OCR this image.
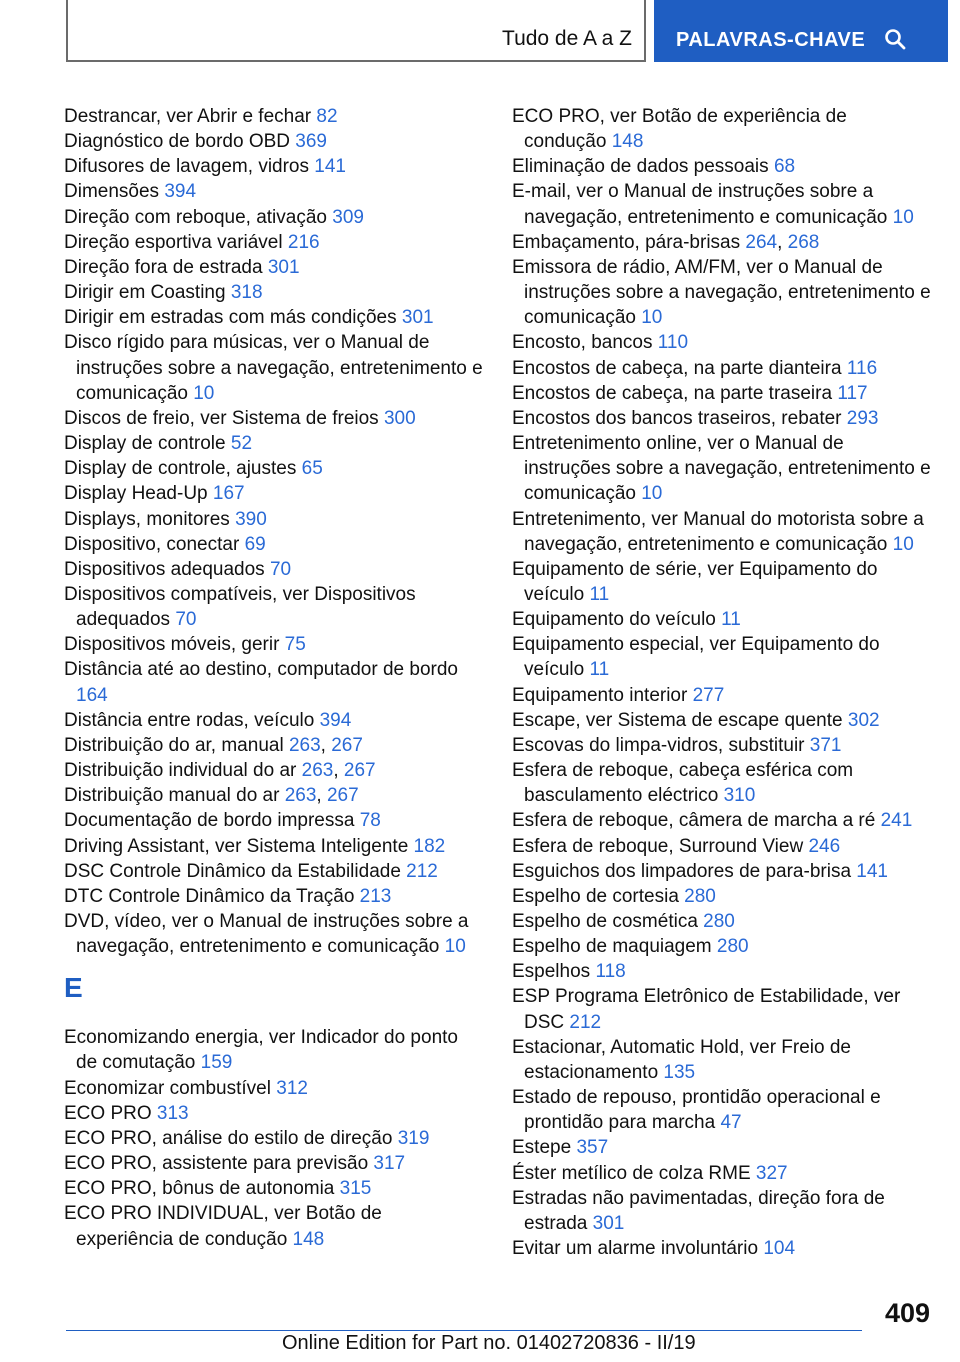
Tudo de A a Z PALAVRAS-CHAVE

Destrancar, ver Abrir e fechar 82

Diagnóstico de bordo OBD 369

Difusores de lavagem, vidros 141

Dimensões 394

Direção com reboque, ativação 309

Direção esportiva variável 216

Direção fora de estrada 301

Dirigir em Coasting 318

Dirigir em estradas com más condições 301

Disco rígido para músicas, ver o Manual de instruções sobre a navegação, entretenimento e comunicação 10

Discos de freio, ver Sistema de freios 300

Display de controle 52

Display de controle, ajustes 65

Display Head-Up 167

Displays, monitores 390

Dispositivo, conectar 69

Dispositivos adequados 70

Dispositivos compatíveis, ver Dispositivos adequados 70

Dispositivos móveis, gerir 75

Distância até ao destino, computador de bordo 164

Distância entre rodas, veículo 394

Distribuição do ar, manual 263, 267

Distribuição individual do ar 263, 267

Distribuição manual do ar 263, 267

Documentação de bordo impressa 78

Driving Assistant, ver Sistema Inteligente 182

DSC Controle Dinâmico da Estabilidade 212

DTC Controle Dinâmico da Tração 213

DVD, vídeo, ver o Manual de instruções sobre a navegação, entretenimento e comunicação 10

E

Economizando energia, ver Indicador do ponto de comutação 159

Economizar combustível 312

ECO PRO 313

ECO PRO, análise do estilo de direção 319

ECO PRO, assistente para previsão 317

ECO PRO, bônus de autonomia 315

ECO PRO INDIVIDUAL, ver Botão de experiência de condução 148

ECO PRO, ver Botão de experiência de condução 148

Eliminação de dados pessoais 68

E-mail, ver o Manual de instruções sobre a navegação, entretenimento e comunicação 10

Embaçamento, pára-brisas 264, 268

Emissora de rádio, AM/FM, ver o Manual de instruções sobre a navegação, entretenimento e comunicação 10

Encosto, bancos 110

Encostos de cabeça, na parte dianteira 116

Encostos de cabeça, na parte traseira 117

Encostos dos bancos traseiros, rebater 293

Entretenimento online, ver o Manual de instruções sobre a navegação, entretenimento e comunicação 10

Entretenimento, ver Manual do motorista sobre a navegação, entretenimento e comunicação 10

Equipamento de série, ver Equipamento do veículo 11

Equipamento do veículo 11

Equipamento especial, ver Equipamento do veículo 11

Equipamento interior 277

Escape, ver Sistema de escape quente 302

Escovas do limpa-vidros, substituir 371

Esfera de reboque, cabeça esférica com basculamento eléctrico 310

Esfera de reboque, câmera de marcha a ré 241

Esfera de reboque, Surround View 246

Esguichos dos limpadores de para-brisa 141

Espelho de cortesia 280

Espelho de cosmética 280

Espelho de maquiagem 280

Espelhos 118

ESP Programa Eletrônico de Estabilidade, ver DSC 212

Estacionar, Automatic Hold, ver Freio de estacionamento 135

Estado de repouso, prontidão operacional e prontidão para marcha 47

Estepe 357

Éster metílico de colza RME 327

Estradas não pavimentadas, direção fora de estrada 301

Evitar um alarme involuntário 104

409
Online Edition for Part no. 01402720836 - II/19
